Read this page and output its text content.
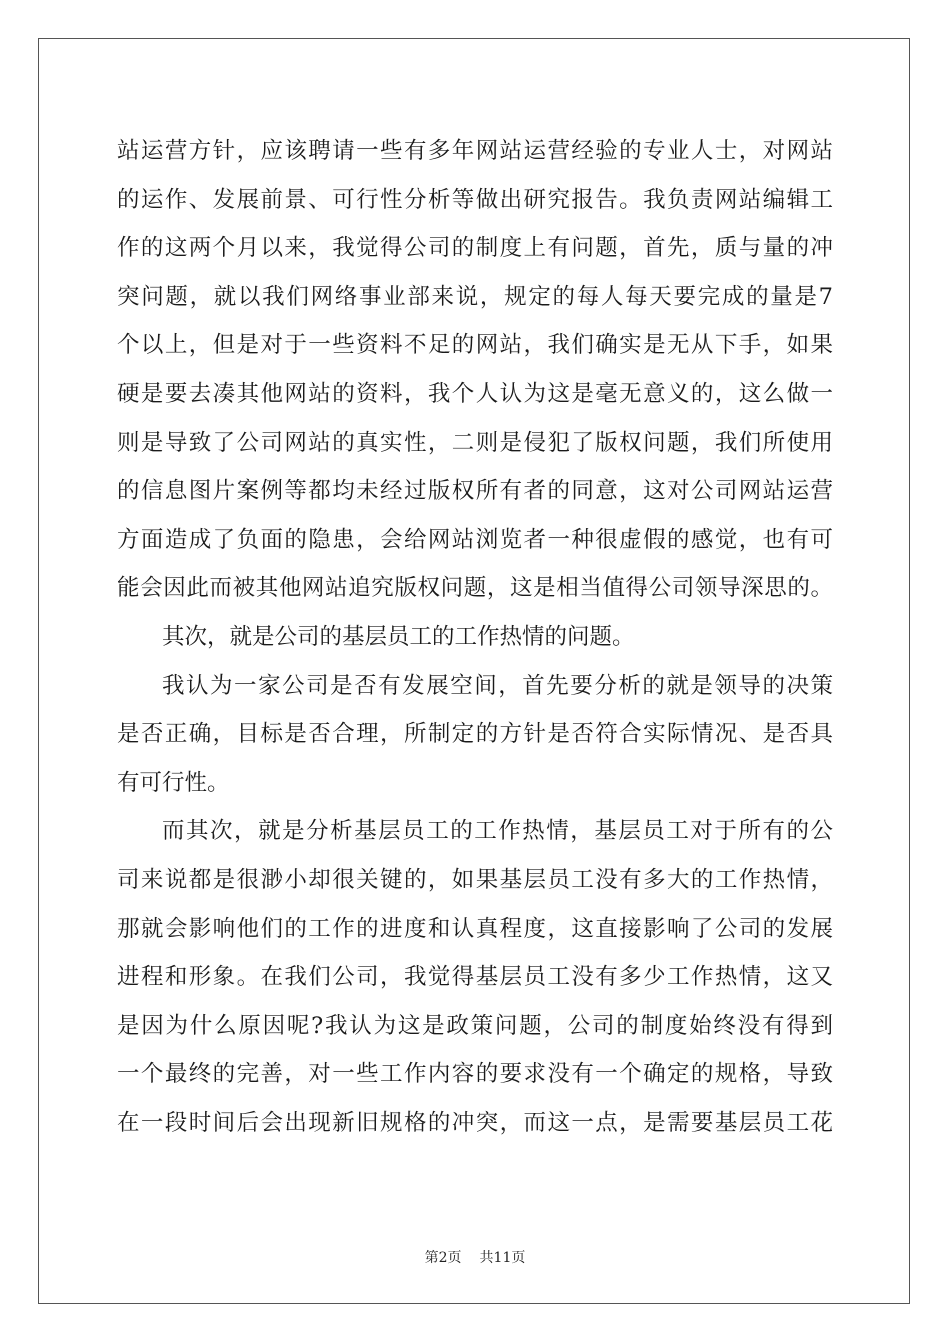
站运营方针，应该聘请一些有多年网站运营经验的专业人士，对网站
的运作、发展前景、可行性分析等做出研究报告。我负责网站编辑工
作的这两个月以来，我觉得公司的制度上有问题，首先，质与量的冲
突问题，就以我们网络事业部来说，规定的每人每天要完成的量是7
个以上，但是对于一些资料不足的网站，我们确实是无从下手，如果
硬是要去凑其他网站的资料，我个人认为这是毫无意义的，这么做一
则是导致了公司网站的真实性，二则是侵犯了版权问题，我们所使用
的信息图片案例等都均未经过版权所有者的同意，这对公司网站运营
方面造成了负面的隐患，会给网站浏览者一种很虚假的感觉，也有可
能会因此而被其他网站追究版权问题，这是相当值得公司领导深思的。
其次，就是公司的基层员工的工作热情的问题。
我认为一家公司是否有发展空间，首先要分析的就是领导的决策
是否正确，目标是否合理，所制定的方针是否符合实际情况、是否具
有可行性。
而其次，就是分析基层员工的工作热情，基层员工对于所有的公
司来说都是很渺小却很关键的，如果基层员工没有多大的工作热情，
那就会影响他们的工作的进度和认真程度，这直接影响了公司的发展
进程和形象。在我们公司，我觉得基层员工没有多少工作热情，这又
是因为什么原因呢?我认为这是政策问题，公司的制度始终没有得到
一个最终的完善，对一些工作内容的要求没有一个确定的规格，导致
在一段时间后会出现新旧规格的冲突，而这一点，是需要基层员工花
第2页 共11页
